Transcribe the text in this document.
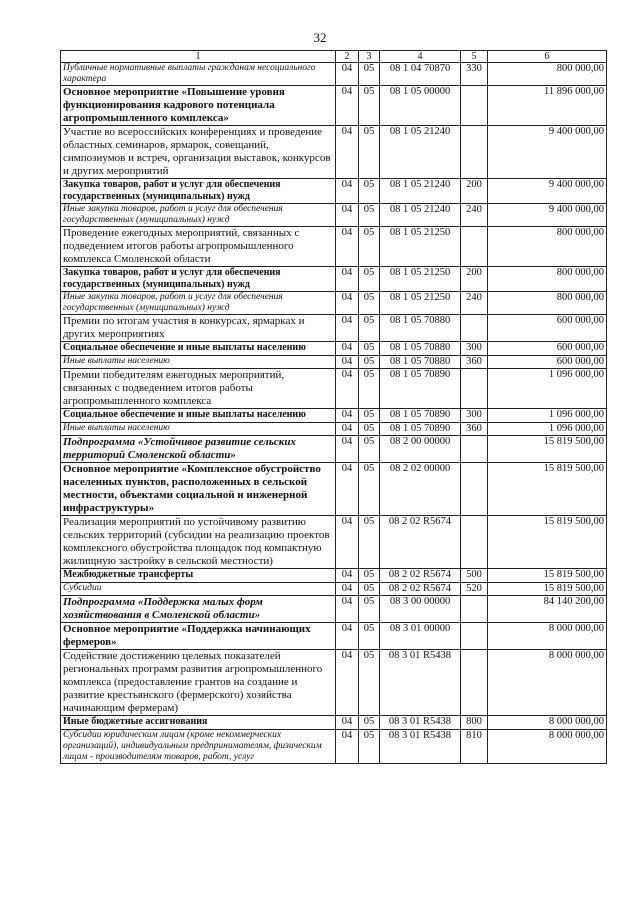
32
1	2	3	4	5	6
Публичные нормативные выплаты гражданам несоциального характера	04	05	08 1 04 70870	330	800 000,00
Основное мероприятие «Повышение уровня функционирования кадрового потенциала агропромышленного комплекса»	04	05	08 1 05 00000		11 896 000,00
Участие во всероссийских конференциях и проведение областных семинаров, ярмарок, совещаний, симпозиумов и встреч, организация выставок, конкурсов и других мероприятий	04	05	08 1 05 21240		9 400 000,00
Закупка товаров, работ и услуг для обеспечения государственных (муниципальных) нужд	04	05	08 1 05 21240	200	9 400 000,00
Иные закупки товаров, работ и услуг для обеспечения государственных (муниципальных) нужд	04	05	08 1 05 21240	240	9 400 000,00
Проведение ежегодных мероприятий, связанных с подведением итогов работы агропромышленного комплекса Смоленской области	04	05	08 1 05 21250		800 000,00
Закупка товаров, работ и услуг для обеспечения государственных (муниципальных) нужд	04	05	08 1 05 21250	200	800 000,00
Иные закупки товаров, работ и услуг для обеспечения государственных (муниципальных) нужд	04	05	08 1 05 21250	240	800 000,00
Премии по итогам участия в конкурсах, ярмарках и других мероприятиях	04	05	08 1 05 70880		600 000,00
Социальное обеспечение и иные выплаты населению	04	05	08 1 05 70880	300	600 000,00
Иные выплаты населению	04	05	08 1 05 70880	360	600 000,00
Премии победителям ежегодных мероприятий, связанных с подведением итогов работы агропромышленного комплекса	04	05	08 1 05 70890		1 096 000,00
Социальное обеспечение и иные выплаты населению	04	05	08 1 05 70890	300	1 096 000,00
Иные выплаты населению	04	05	08 1 05 70890	360	1 096 000,00
Подпрограмма «Устойчивое развитие сельских территорий Смоленской области»	04	05	08 2 00 00000		15 819 500,00
Основное мероприятие «Комплексное обустройство населенных пунктов, расположенных в сельской местности, объектами социальной и инженерной инфраструктуры»	04	05	08 2 02 00000		15 819 500,00
Реализация мероприятий по устойчивому развитию сельских территорий (субсидии на реализацию проектов комплексного обустройства площадок под компактную жилищную застройку в сельской местности)	04	05	08 2 02 R5674		15 819 500,00
Межбюджетные трансферты	04	05	08 2 02 R5674	500	15 819 500,00
Субсидии	04	05	08 2 02 R5674	520	15 819 500,00
Подпрограмма «Поддержка малых форм хозяйствования в Смоленской области»	04	05	08 3 00 00000		84 140 200,00
Основное мероприятие «Поддержка начинающих фермеров»	04	05	08 3 01 00000		8 000 000,00
Содействие достижению целевых показателей региональных программ развития агропромышленного комплекса (предоставление грантов на создание и развитие крестьянского (фермерского) хозяйства начинающим фермерам)	04	05	08 3 01 R5438		8 000 000,00
Иные бюджетные ассигнования	04	05	08 3 01 R5438	800	8 000 000,00
Субсидии юридическим лицам (кроме некоммерческих организаций), индивидуальным предпринимателям, физическим лицам - производителям товаров, работ, услуг	04	05	08 3 01 R5438	810	8 000 000,00
